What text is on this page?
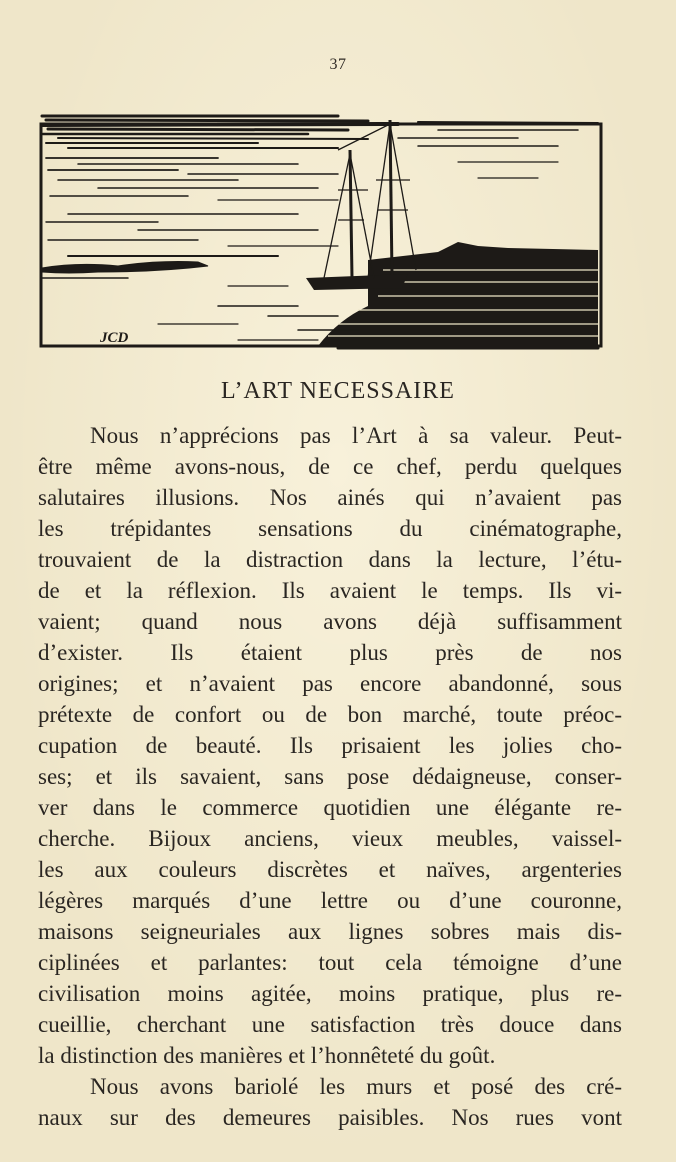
37
JCD
L’ART NECESSAIRE
Nous n’apprécions pas l’Art à sa valeur. Peut-
être même avons-nous, de ce chef, perdu quelques
salutaires illusions. Nos ainés qui n’avaient pas
les trépidantes sensations du cinématographe,
trouvaient de la distraction dans la lecture, l’étu-
de et la réflexion. Ils avaient le temps. Ils vi-
vaient; quand nous avons déjà suffisamment
d’exister. Ils étaient plus près de nos
origines; et n’avaient pas encore abandonné, sous
prétexte de confort ou de bon marché, toute préoc-
cupation de beauté. Ils prisaient les jolies cho-
ses; et ils savaient, sans pose dédaigneuse, conser-
ver dans le commerce quotidien une élégante re-
cherche. Bijoux anciens, vieux meubles, vaissel-
les aux couleurs discrètes et naïves, argenteries
légères marqués d’une lettre ou d’une couronne,
maisons seigneuriales aux lignes sobres mais dis-
ciplinées et parlantes: tout cela témoigne d’une
civilisation moins agitée, moins pratique, plus re-
cueillie, cherchant une satisfaction très douce dans
la distinction des manières et l’honnêteté du goût.
Nous avons bariolé les murs et posé des cré-
naux sur des demeures paisibles. Nos rues vont
